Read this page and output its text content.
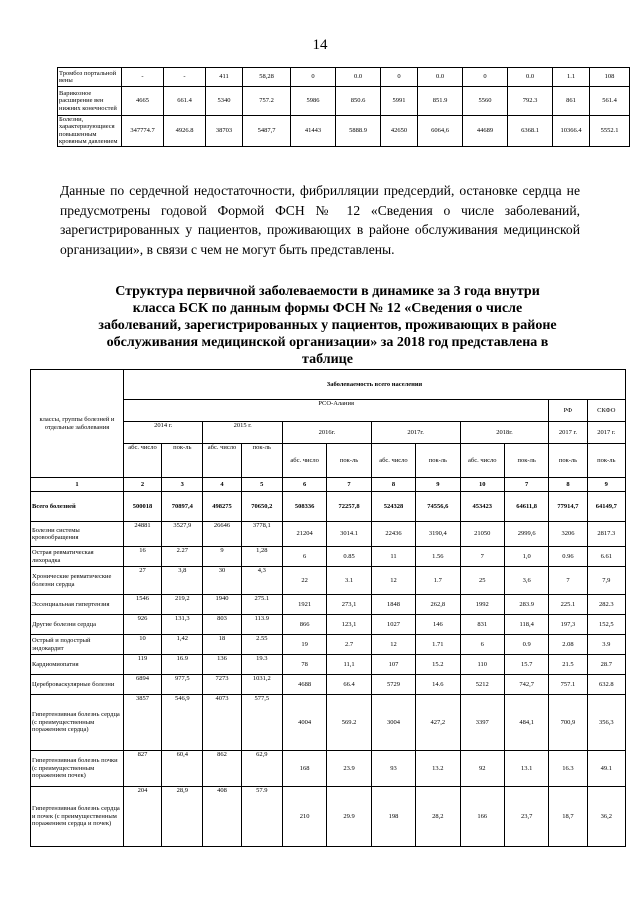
14
Тромбоз портальной вены	-	-	411	58,28	0	0.0	0	0.0	0	0.0	1.1	108
Варикозное расширение вен нижних конечностей	4665	661.4	5340	757.2	5986	850.6	5991	851.9	5560	792.3	861	561.4
Болезни, характеризующиеся повышенным кровяным давлением	347774.7	4926.8	38703	5487,7	41443	5888.9	42650	6064,6	44689	6368.1	10366.4	5552.1

Данные по сердечной недостаточности, фибрилляции предсердий, остановке сердца не предусмотрены годовой Формой ФСН № 12 «Сведения о числе заболеваний, зарегистрированных у пациентов, проживающих в районе обслуживания медицинской организации», в связи с чем не могут быть представлены.

Структура первичной заболеваемости в динамике за 3 года внутри

класса БСК по данным формы ФСН № 12 «Сведения о числе

заболеваний, зарегистрированных у пациентов, проживающих в районе

обслуживания медицинской организации» за 2018 год представлена в

таблице

классы, группы болезней и отдельные заболевания	Заболеваемость всего населения											
	РСО-Алания										РФ	СКФО
	2014 г.		2015 г.		2016г.		2017г.		2018г.		2017 г.	2017 г.
	абс. число	пок-ль	абс. числo	пок-ль	абс. число	пок-ль	абс. число	пок-ль	абс. число	пок-ль	пок-ль	пок-ль
1	2	3	4	5	6	7	8	9	10	7	8	9
Всего болезней	500018	70897,4	498275	70650,2	508336	72257,8	524328	74556,6	453423	64611,8	77914,7	64149,7
Болезни системы кровообращения	24881	3527,9	26646	3778,1	21204	3014.1	22436	3190,4	21050	2999,6	3206	2817.3
Острая ревматическая лихорадка	16	2.27	9	1,28	6	0.85	11	1.56	7	1,0	0.96	6.61
Хронические ревматические болезни сердца	27	3,8	30	4,3	22	3.1	12	1.7	25	3,6	7	7,9
Эссенциальная гипертензия	1546	219,2	1940	275.1	1921	273,1	1848	262,8	1992	283.9	225.1	282.3
Другие болезни сердца	926	131,3	803	113.9	866	123,1	1027	146	831	118,4	197,3	152,5
Острый и подострый эндокардит	10	1,42	18	2.55	19	2.7	12	1.71	6	0.9	2.08	3.9
Кардиомиопатия	119	16.9	136	19.3	78	11,1	107	15.2	110	15.7	21.5	28.7
Цереброваскулярные болезни	6894	977,5	7273	1031,2	4688	66.4	5729	14.6	5212	742,7	757.1	632.8
Гипертензивная болезнь сердца (с преимущественным поражением сердца)	3857	546,9	4073	577,5	4004	569.2	3004	427,2	3397	484,1	700,9	356,3
Гипертензивная болезнь почки (с преимущественным поражением почек)	827	60,4	862	62,9	168	23.9	93	13.2	92	13.1	16.3	49.1
Гипертензивная болезнь сердца и почек (с преимущественным поражением сердца и почек)	204	28,9	408	57.9	210	29.9	198	28,2	166	23,7	18,7	36,2
